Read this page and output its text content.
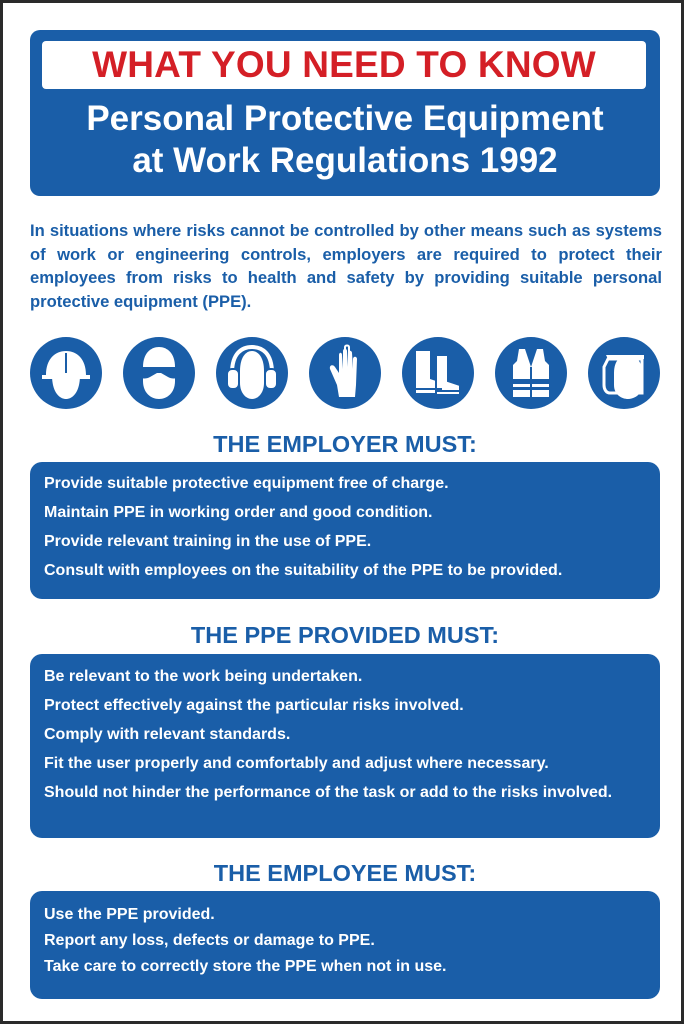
WHAT YOU NEED TO KNOW
Personal Protective Equipment
at Work Regulations 1992
In situations where risks cannot be controlled by other means such as systems of work or engineering controls, employers are required to protect their employees from risks to health and safety by providing suitable personal protective equipment (PPE).
THE EMPLOYER MUST:
Provide suitable protective equipment free of charge.
Maintain PPE in working order and good condition.
Provide relevant training in the use of PPE.
Consult with employees on the suitability of the PPE to be provided.
THE PPE PROVIDED MUST:
Be relevant to the work being undertaken.
Protect effectively against the particular risks involved.
Comply with relevant standards.
Fit the user properly and comfortably and adjust where necessary.
Should not hinder the performance of the task or add to the risks involved.
THE EMPLOYEE MUST:
Use the PPE provided.
Report any loss, defects or damage to PPE.
Take care to correctly store the PPE when not in use.
